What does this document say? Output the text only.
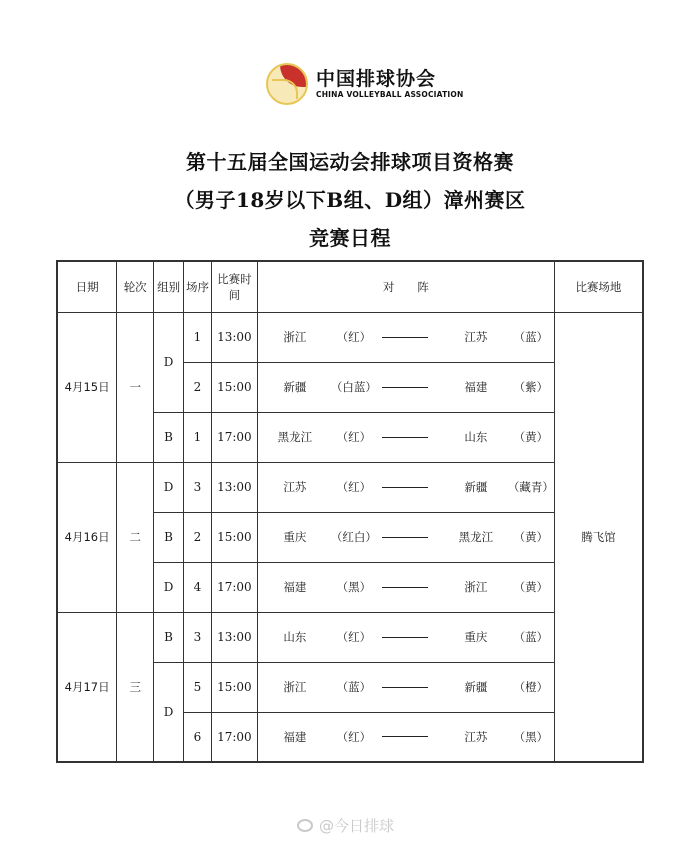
中国排球协会
CHINA VOLLEYBALL ASSOCIATION
第十五届全国运动会排球项目资格赛
（男子18岁以下B组、D组）漳州赛区
竞赛日程
日期	轮次	组别	场序	比赛时间	对　　阵	比赛场地
4月15日	一	D	1	13:00	浙江 （红） 江苏 （蓝）	腾飞馆
			2	15:00	新疆 （白蓝） 福建 （紫）	

		B	1	17:00	黑龙江 （红） 山东 （黄）	

4月16日	二	D	3	13:00	江苏 （红） 新疆 （藏青）	

		B	2	15:00	重庆 （红白） 黑龙江 （黄）	

		D	4	17:00	福建 （黑） 浙江 （黄）	

4月17日	三	B	3	13:00	山东 （红） 重庆 （蓝）	

		D	5	15:00	浙江 （蓝） 新疆 （橙）	

			6	17:00	福建 （红） 江苏 （黑）	
@今日排球
